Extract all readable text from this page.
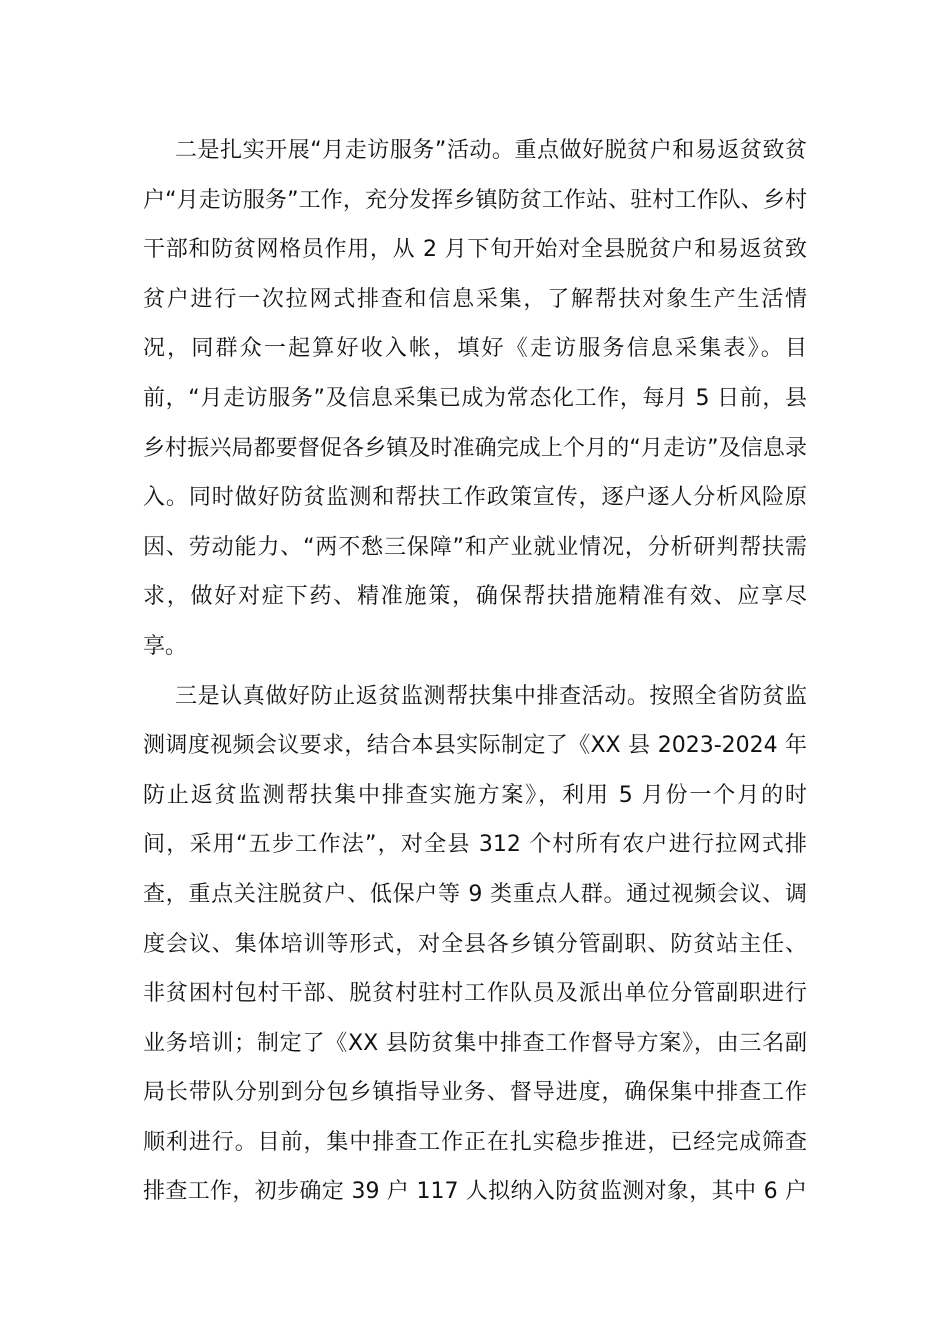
二是扎实开展“月走访服务”活动。重点做好脱贫户和易返贫致贫
户“月走访服务”工作，充分发挥乡镇防贫工作站、驻村工作队、乡村
干部和防贫网格员作用，从 2 月下旬开始对全县脱贫户和易返贫致
贫户进行一次拉网式排查和信息采集，了解帮扶对象生产生活情
况，同群众一起算好收入帐，填好《走访服务信息采集表》。目
前，“月走访服务”及信息采集已成为常态化工作，每月 5 日前，县
乡村振兴局都要督促各乡镇及时准确完成上个月的“月走访”及信息录
入。同时做好防贫监测和帮扶工作政策宣传，逐户逐人分析风险原
因、劳动能力、“两不愁三保障”和产业就业情况，分析研判帮扶需
求，做好对症下药、精准施策，确保帮扶措施精准有效、应享尽
享。

三是认真做好防止返贫监测帮扶集中排查活动。按照全省防贫监
测调度视频会议要求，结合本县实际制定了《XX 县 2023-2024 年
防止返贫监测帮扶集中排查实施方案》，利用 5 月份一个月的时
间，采用“五步工作法”，对全县 312 个村所有农户进行拉网式排
查，重点关注脱贫户、低保户等 9 类重点人群。通过视频会议、调
度会议、集体培训等形式，对全县各乡镇分管副职、防贫站主任、
非贫困村包村干部、脱贫村驻村工作队员及派出单位分管副职进行
业务培训；制定了《XX 县防贫集中排查工作督导方案》，由三名副
局长带队分别到分包乡镇指导业务、督导进度，确保集中排查工作
顺利进行。目前，集中排查工作正在扎实稳步推进，已经完成筛查
排查工作，初步确定 39 户 117 人拟纳入防贫监测对象，其中 6 户
